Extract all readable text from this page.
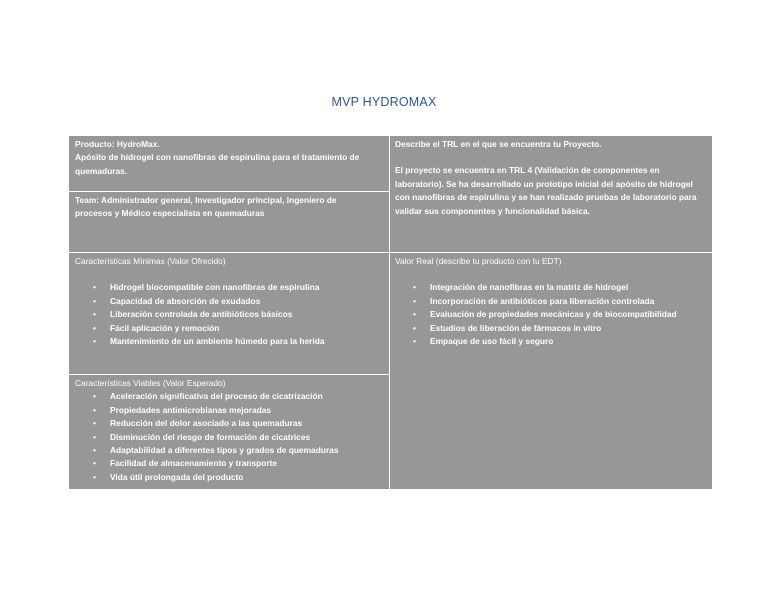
MVP HYDROMAX

Producto: HydroMax.

Apósito de hidrogel con nanofibras de espirulina para el tratamiento de quemaduras.

Team: Administrador general, Investigador principal, Ingeniero de procesos y Médico especialista en quemaduras

Describe el TRL en el que se encuentra tu Proyecto.

El proyecto se encuentra en TRL 4 (Validación de componentes en laboratorio). Se ha desarrollado un prototipo inicial del apósito de hidrogel con nanofibras de espirulina y se han realizado pruebas de laboratorio para validar sus componentes y funcionalidad básica.

Características Mínimas (Valor Ofrecido)

• Hidrogel biocompatible con nanofibras de espirulina
• Capacidad de absorción de exudados
• Liberación controlada de antibióticos básicos
• Fácil aplicación y remoción
• Mantenimiento de un ambiente húmedo para la herida

Valor Real (describe tu producto con tu EDT)

• Integración de nanofibras en la matriz de hidrogel
• Incorporación de antibióticos para liberación controlada
• Evaluación de propiedades mecánicas y de biocompatibilidad
• Estudios de liberación de fármacos in vitro
• Empaque de uso fácil y seguro

Características Viables (Valor Esperado)

• Aceleración significativa del proceso de cicatrización
• Propiedades antimicrobianas mejoradas
• Reducción del dolor asociado a las quemaduras
• Disminución del riesgo de formación de cicatrices
• Adaptabilidad a diferentes tipos y grados de quemaduras
• Facilidad de almacenamiento y transporte
• Vida útil prolongada del producto
